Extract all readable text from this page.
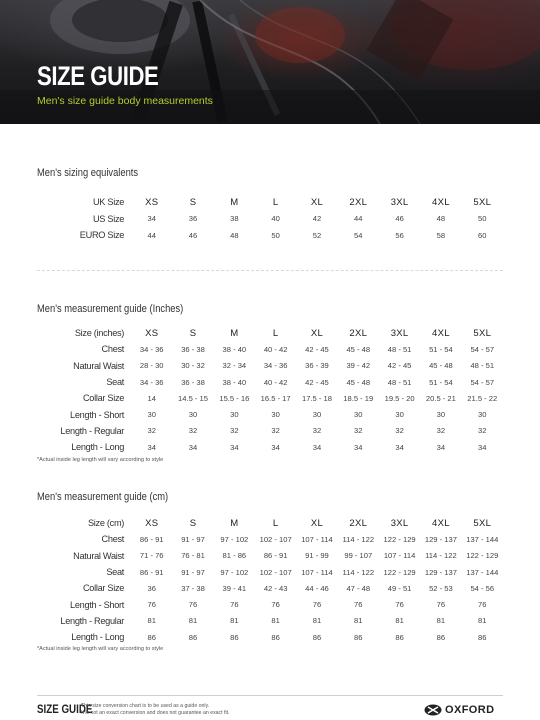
SIZE GUIDE
Men's size guide body measurements
Men's sizing equivalents
UK Size	XS	S	M	L	XL	2XL	3XL	4XL	5XL
US Size	34	36	38	40	42	44	46	48	50
EURO Size	44	46	48	50	52	54	56	58	60
Men's measurement guide (Inches)
Size (inches)	XS	S	M	L	XL	2XL	3XL	4XL	5XL
Chest	34 - 36	36 - 38	38 - 40	40 - 42	42 - 45	45 - 48	48 - 51	51 - 54	54 - 57
Natural Waist	28 - 30	30 - 32	32 - 34	34 - 36	36 - 39	39 - 42	42 - 45	45 - 48	48 - 51
Seat	34 - 36	36 - 38	38 - 40	40 - 42	42 - 45	45 - 48	48 - 51	51 - 54	54 - 57
Collar Size	14	14.5 - 15	15.5 - 16	16.5 - 17	17.5 - 18	18.5 - 19	19.5 - 20	20.5 - 21	21.5 - 22
Length - Short	30	30	30	30	30	30	30	30	30
Length - Regular	32	32	32	32	32	32	32	32	32
Length - Long	34	34	34	34	34	34	34	34	34
*Actual inside leg length will vary according to style
Men's measurement guide (cm)
Size (cm)	XS	S	M	L	XL	2XL	3XL	4XL	5XL
Chest	86 - 91	91 - 97	97 - 102	102 - 107	107 - 114	114 - 122	122 - 129	129 - 137	137 - 144
Natural Waist	71 - 76	76 - 81	81 - 86	86 - 91	91 - 99	99 - 107	107 - 114	114 - 122	122 - 129
Seat	86 - 91	91 - 97	97 - 102	102 - 107	107 - 114	114 - 122	122 - 129	129 - 137	137 - 144
Collar Size	36	37 - 38	39 - 41	42 - 43	44 - 46	47 - 48	49 - 51	52 - 53	54 - 56
Length - Short	76	76	76	76	76	76	76	76	76
Length - Regular	81	81	81	81	81	81	81	81	81
Length - Long	86	86	86	86	86	86	86	86	86
*Actual inside leg length will vary according to style
SIZE GUIDE
This size conversion chart is to be used as a guide only.
It is not an exact conversion and does not guarantee an exact fit.	OXFORD
